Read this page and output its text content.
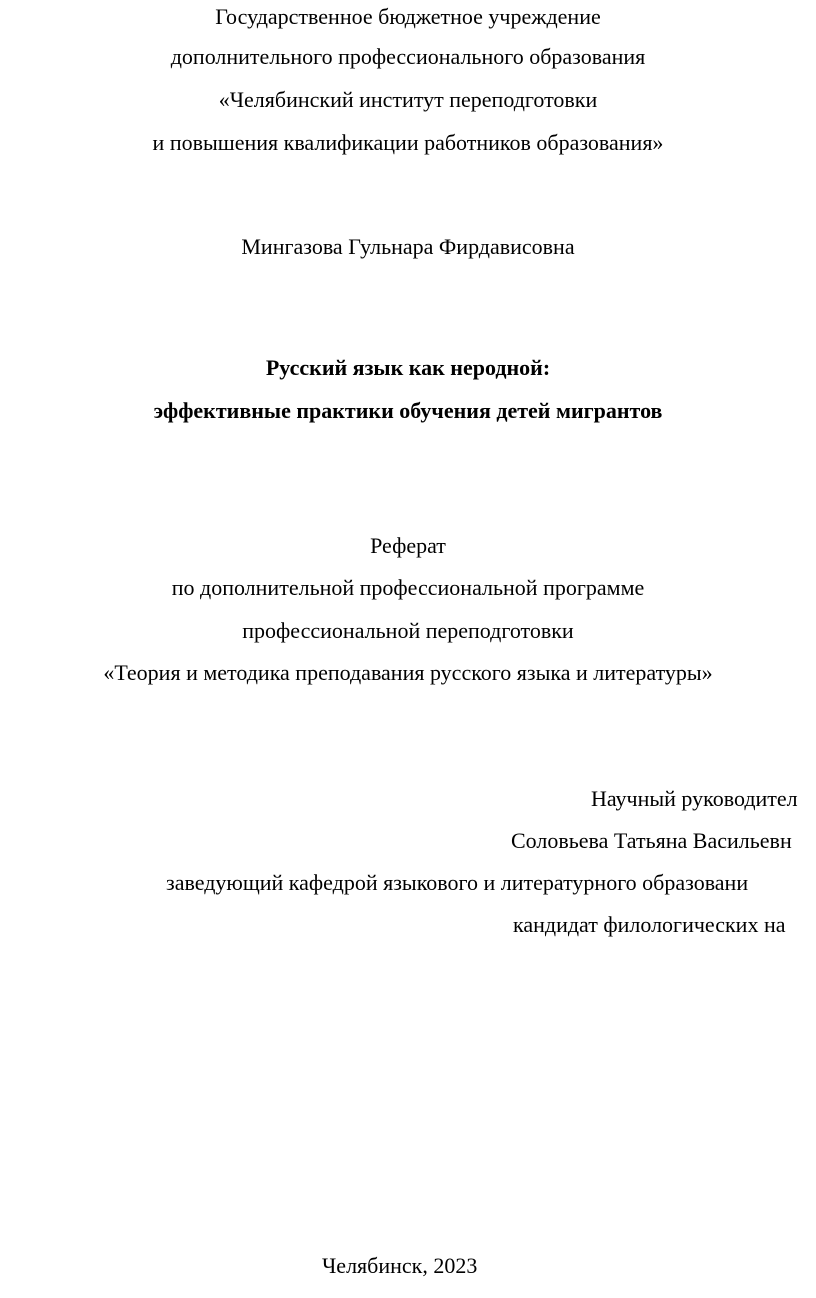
Государственное бюджетное учреждение
дополнительного профессионального образования
«Челябинский институт переподготовки
и повышения квалификации работников образования»
Мингазова Гульнара Фирдависовна
Русский язык как неродной:
эффективные практики обучения детей мигрантов
Реферат
по дополнительной профессиональной программе
профессиональной переподготовки
«Теория и методика преподавания русского языка и литературы»
Научный руководител
Соловьева Татьяна Васильевн
заведующий кафедрой языкового и литературного образовани
кандидат филологических на
Челябинск, 2023
